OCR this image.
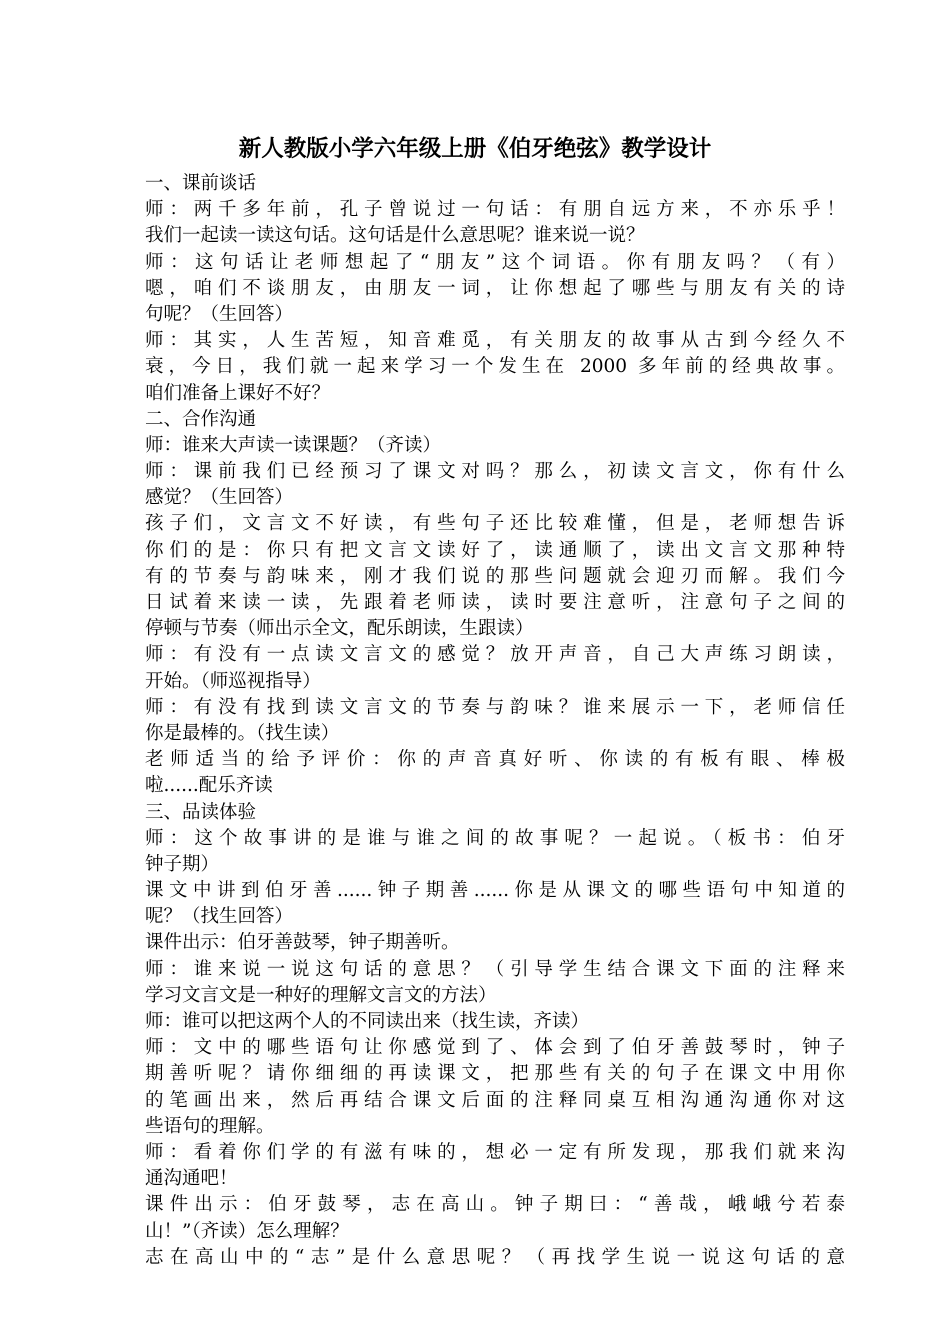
新人教版小学六年级上册《伯牙绝弦》教学设计
一、课前谈话
师：两千多年前，孔子曾说过一句话：有朋自远方来，不亦乐乎！
我们一起读一读这句话。这句话是什么意思呢？谁来说一说？
师：这句话让老师想起了“朋友”这个词语。你有朋友吗？（有）
嗯，咱们不谈朋友，由朋友一词，让你想起了哪些与朋友有关的诗
句呢？（生回答）
师：其实，人生苦短，知音难觅，有关朋友的故事从古到今经久不
衰，今日，我们就一起来学习一个发生在 2000 多年前的经典故事。
咱们准备上课好不好？
二、合作沟通
师：谁来大声读一读课题？（齐读）
师：课前我们已经预习了课文对吗？那么，初读文言文，你有什么
感觉？（生回答）
孩子们，文言文不好读，有些句子还比较难懂，但是，老师想告诉
你们的是：你只有把文言文读好了，读通顺了，读出文言文那种特
有的节奏与韵味来，刚才我们说的那些问题就会迎刃而解。我们今
日试着来读一读，先跟着老师读，读时要注意听，注意句子之间的
停顿与节奏（师出示全文，配乐朗读，生跟读）
师：有没有一点读文言文的感觉？放开声音，自己大声练习朗读，
开始。（师巡视指导）
师：有没有找到读文言文的节奏与韵味？谁来展示一下，老师信任
你是最棒的。（找生读）
老师适当的给予评价：你的声音真好听、你读的有板有眼、棒极
啦......配乐齐读
三、品读体验
师：这个故事讲的是谁与谁之间的故事呢？一起说。（板书：伯牙
钟子期）
课文中讲到伯牙善......钟子期善......你是从课文的哪些语句中知道的
呢？（找生回答）
课件出示：伯牙善鼓琴，钟子期善听。
师：谁来说一说这句话的意思？（引导学生结合课文下面的注释来
学习文言文是一种好的理解文言文的方法）
师：谁可以把这两个人的不同读出来（找生读，齐读）
师：文中的哪些语句让你感觉到了、体会到了伯牙善鼓琴时，钟子
期善听呢？请你细细的再读课文，把那些有关的句子在课文中用你
的笔画出来，然后再结合课文后面的注释同桌互相沟通沟通你对这
些语句的理解。
师：看着你们学的有滋有味的，想必一定有所发现，那我们就来沟
通沟通吧！
课件出示：伯牙鼓琴，志在高山。钟子期曰：“善哉，峨峨兮若泰
山！”（齐读）怎么理解？
志在高山中的“志”是什么意思呢？（再找学生说一说这句话的意
